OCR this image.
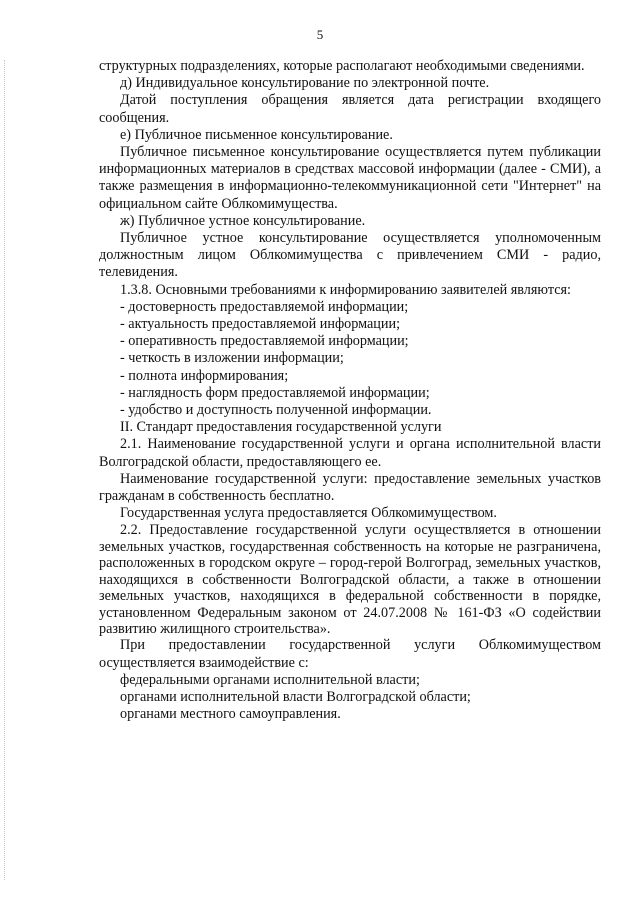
5

структурных подразделениях, которые располагают необходимыми сведениями.

д) Индивидуальное консультирование по электронной почте.

Датой поступления обращения является дата регистрации входящего сообщения.

е) Публичное письменное консультирование.

Публичное письменное консультирование осуществляется путем публикации информационных материалов в средствах массовой информации (далее - СМИ), а также размещения в информационно-телекоммуникационной сети "Интернет" на официальном сайте Облкомимущества.

ж) Публичное устное консультирование.

Публичное устное консультирование осуществляется уполномоченным должностным лицом Облкомимущества с привлечением СМИ - радио, телевидения.

1.3.8. Основными требованиями к информированию заявителей являются:

- достоверность предоставляемой информации;
- актуальность предоставляемой информации;
- оперативность предоставляемой информации;
- четкость в изложении информации;
- полнота информирования;
- наглядность форм предоставляемой информации;
- удобство и доступность полученной информации.

II. Стандарт предоставления государственной услуги

2.1. Наименование государственной услуги и органа исполнительной власти Волгоградской области, предоставляющего ее.

Наименование государственной услуги: предоставление земельных участков гражданам в собственность бесплатно.

Государственная услуга предоставляется Облкомимуществом.

2.2. Предоставление государственной услуги осуществляется в отношении земельных участков, государственная собственность на которые не разграничена, расположенных в городском округе – город-герой Волгоград, земельных участков, находящихся в собственности Волгоградской области, а также в отношении земельных участков, находящихся в федеральной собственности в порядке, установленном Федеральным законом от 24.07.2008 № 161-ФЗ «О содействии развитию жилищного строительства».

При предоставлении государственной услуги Облкомимуществом осуществляется взаимодействие с:

федеральными органами исполнительной власти;

органами исполнительной власти Волгоградской области;

органами местного самоуправления.
